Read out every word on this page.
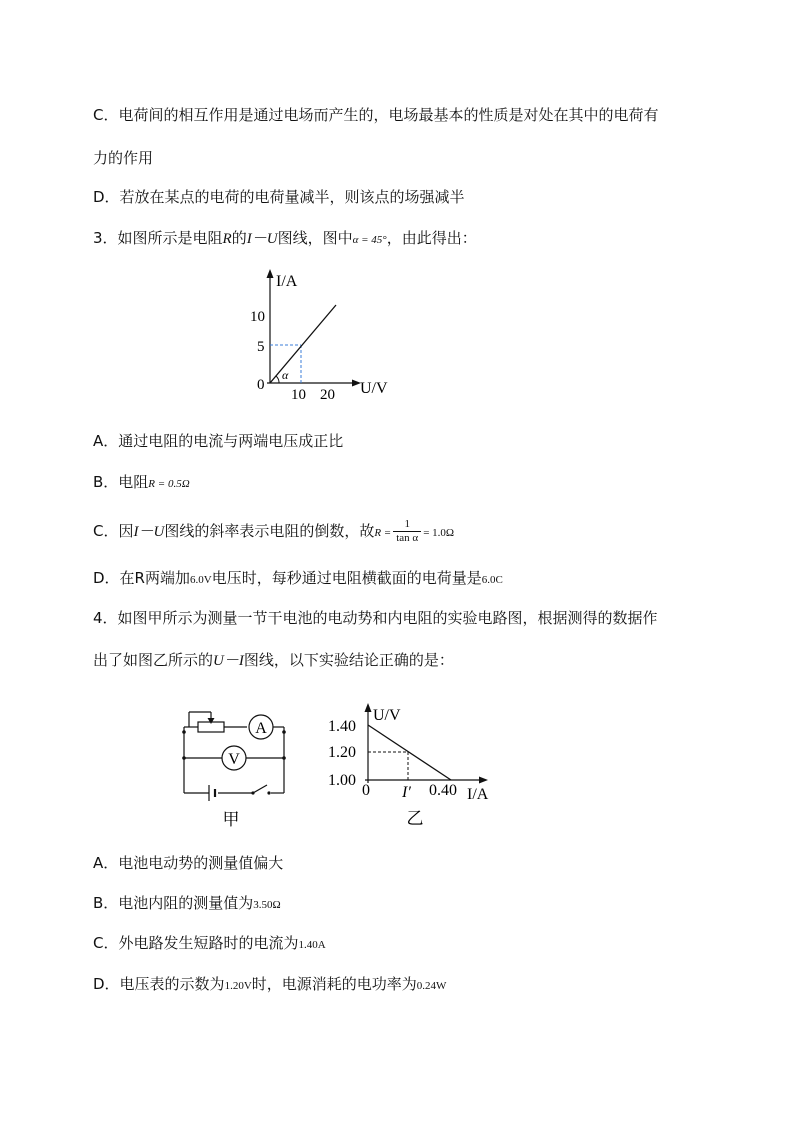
C．电荷间的相互作用是通过电场而产生的，电场最基本的性质是对处在其中的电荷有
力的作用
D．若放在某点的电荷的电荷量减半，则该点的场强减半
3．如图所示是电阻R的I－U图线，图中α = 45°，由此得出：
α
I/A
U/V
10
5
0
10 20
A．通过电阻的电流与两端电压成正比
B．电阻R = 0.5Ω
C．因I－U图线的斜率表示电阻的倒数，故$R = \frac{1}{\text{tan α}} = 1.0\Omega$
D．在R两端加6.0V电压时，每秒通过电阻横截面的电荷量是6.0C
4．如图甲所示为测量一节干电池的电动势和内电阻的实验电路图，根据测得的数据作
出了如图乙所示的U－I图线，以下实验结论正确的是：
A
V
甲
U/V
I/A
1.40
1.20
1.00
0 I′ 0.40
乙
A．电池电动势的测量值偏大
B．电池内阻的测量值为3.50Ω
C．外电路发生短路时的电流为1.40A
D．电压表的示数为1.20V时，电源消耗的电功率为0.24W
